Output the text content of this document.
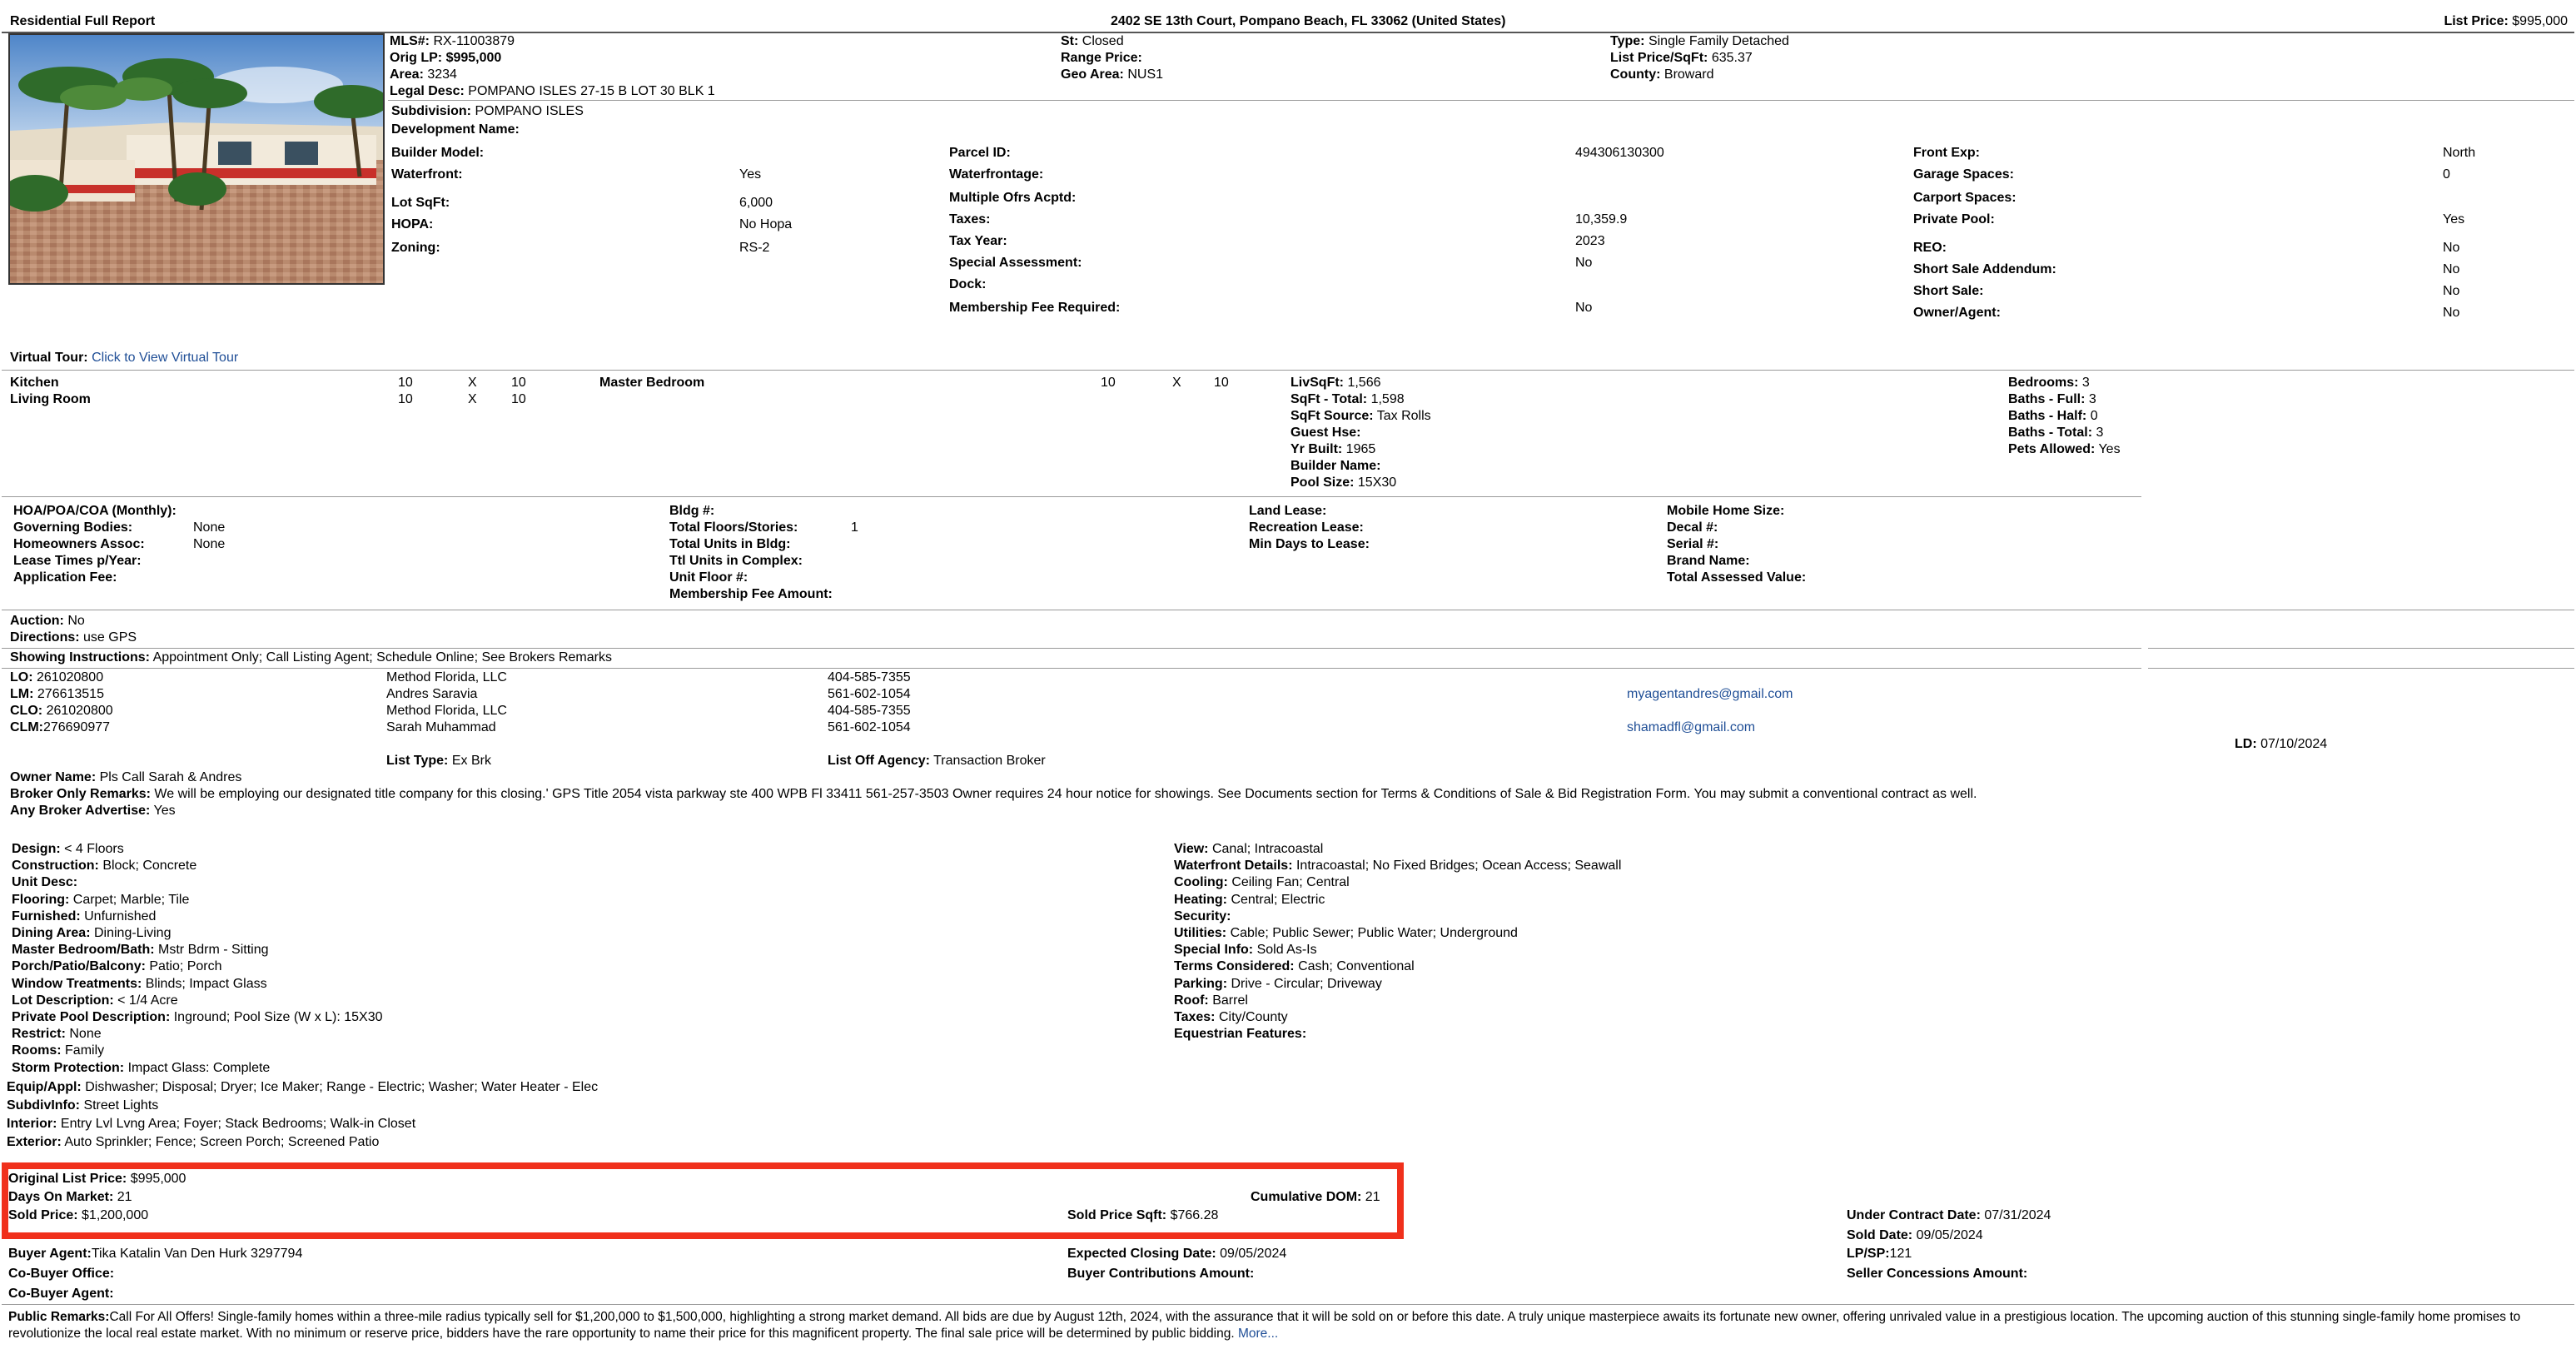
Residential Full Report	2402 SE 13th Court, Pompano Beach, FL 33062 (United States)	List Price: $995,000
MLS#: RX-11003879
Orig LP: $995,000
Area: 3234
Legal Desc: POMPANO ISLES 27-15 B LOT 30 BLK 1
St: Closed
Range Price:
Geo Area: NUS1
Type: Single Family Detached
List Price/SqFt: 635.37
County: Broward
Subdivision: POMPANO ISLES
Development Name:
Builder Model:
Waterfront:	Yes
Lot SqFt:	6,000
HOPA:	No Hopa
Zoning:	RS-2
Parcel ID:	494306130300
Waterfrontage:
Multiple Ofrs Acptd:
Taxes:	10,359.9
Tax Year:	2023
Special Assessment:	No
Dock:
Membership Fee Required:	No
Front Exp:	North
Garage Spaces:	0
Carport Spaces:
Private Pool:	Yes
REO:	No
Short Sale Addendum:	No
Short Sale:	No
Owner/Agent:	No
Virtual Tour: Click to View Virtual Tour
Kitchen	10	X	10
Living Room	10	X	10
Master Bedroom	10	X 10	LivSqFt: 1,566
SqFt - Total: 1,598
SqFt Source: Tax Rolls
Guest Hse:
Yr Built: 1965
Builder Name:
Pool Size: 15X30
Bedrooms: 3
Baths - Full: 3
Baths - Half: 0
Baths - Total: 3
Pets Allowed: Yes
HOA/POA/COA (Monthly):
Governing Bodies:	None
Homeowners Assoc:	None
Lease Times p/Year:
Application Fee:
Bldg #:
Total Floors/Stories:	1
Total Units in Bldg:
Ttl Units in Complex:
Unit Floor #:
Membership Fee Amount:
Land Lease:
Recreation Lease:
Min Days to Lease:
Mobile Home Size:
Decal #:
Serial #:
Brand Name:
Total Assessed Value:
Auction: No
Directions: use GPS
Showing Instructions: Appointment Only; Call Listing Agent; Schedule Online; See Brokers Remarks
LO: 261020800	Method Florida, LLC	404-585-7355
LM: 276613515	Andres Saravia	561-602-1054	myagentandres@gmail.com
CLO: 261020800	Method Florida, LLC	404-585-7355
CLM:276690977	Sarah Muhammad	561-602-1054	shamadfl@gmail.com
LD: 07/10/2024
List Type: Ex Brk	List Off Agency: Transaction Broker
Owner Name: Pls Call Sarah & Andres
Broker Only Remarks: We will be employing our designated title company for this closing.' GPS Title 2054 vista parkway ste 400 WPB Fl 33411 561-257-3503 Owner requires 24 hour notice for showings. See Documents section for Terms & Conditions of Sale & Bid Registration Form. You may submit a conventional contract as well.
Any Broker Advertise: Yes
Design: < 4 Floors
Construction: Block; Concrete
Unit Desc:
Flooring: Carpet; Marble; Tile
Furnished: Unfurnished
Dining Area: Dining-Living
Master Bedroom/Bath: Mstr Bdrm - Sitting
Porch/Patio/Balcony: Patio; Porch
Window Treatments: Blinds; Impact Glass
Lot Description: < 1/4 Acre
Private Pool Description: Inground; Pool Size (W x L): 15X30
Restrict: None
Rooms: Family
Storm Protection: Impact Glass: Complete
View: Canal; Intracoastal
Waterfront Details: Intracoastal; No Fixed Bridges; Ocean Access; Seawall
Cooling: Ceiling Fan; Central
Heating: Central; Electric
Security:
Utilities: Cable; Public Sewer; Public Water; Underground
Special Info: Sold As-Is
Terms Considered: Cash; Conventional
Parking: Drive - Circular; Driveway
Roof: Barrel
Taxes: City/County
Equestrian Features:
Equip/Appl: Dishwasher; Disposal; Dryer; Ice Maker; Range - Electric; Washer; Water Heater - Elec
SubdivInfo: Street Lights
Interior: Entry Lvl Lvng Area; Foyer; Stack Bedrooms; Walk-in Closet
Exterior: Auto Sprinkler; Fence; Screen Porch; Screened Patio
Original List Price: $995,000
Days On Market: 21	Cumulative DOM: 21
Sold Price: $1,200,000	Sold Price Sqft: $766.28	Under Contract Date: 07/31/2024
Sold Date: 09/05/2024
Buyer Agent:Tika Katalin Van Den Hurk 3297794	Expected Closing Date: 09/05/2024	LP/SP:121
Co-Buyer Office:	Buyer Contributions Amount:	Seller Concessions Amount:
Co-Buyer Agent:
Public Remarks:Call For All Offers! Single-family homes within a three-mile radius typically sell for $1,200,000 to $1,500,000, highlighting a strong market demand. All bids are due by August 12th, 2024, with the assurance that it will be sold on or before this date. A truly unique masterpiece awaits its fortunate new owner, offering unrivaled value in a prestigious location. The upcoming auction of this stunning single-family home promises to revolutionize the local real estate market. With no minimum or reserve price, bidders have the rare opportunity to name their price for this magnificent property. The final sale price will be determined by public bidding. More...
